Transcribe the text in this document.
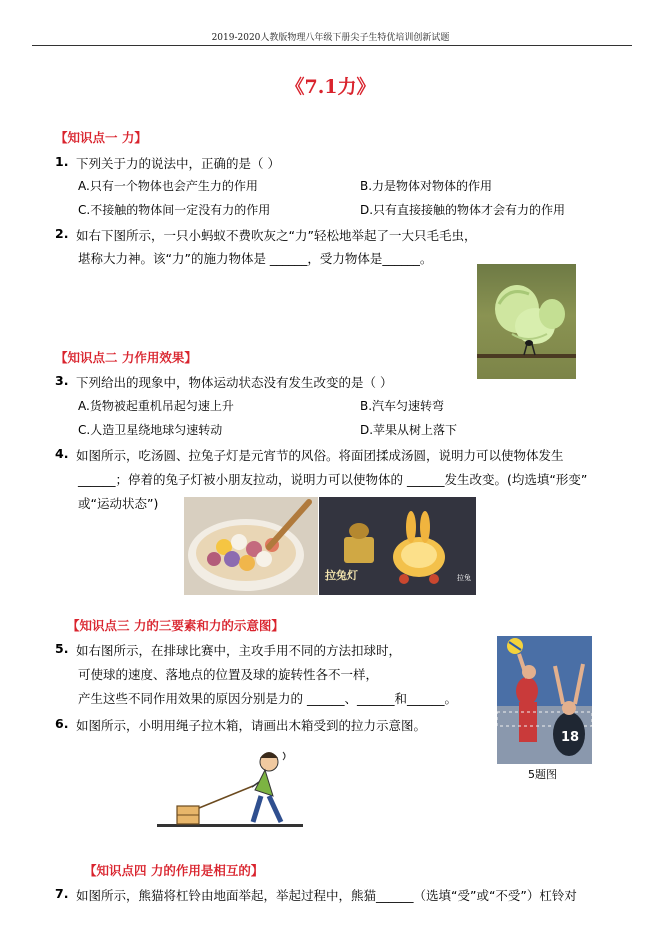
2019-2020人教版物理八年级下册尖子生特优培训创新试题
《7.1力》
【知识点一 力】
1. 下列关于力的说法中，正确的是（ ）
A.只有一个物体也会产生力的作用	B.力是物体对物体的作用
C.不接触的物体间一定没有力的作用	D.只有直接接触的物体才会有力的作用
2. 如右下图所示，一只小蚂蚁不费吹灰之“力”轻松地举起了一大只毛毛虫，
堪称大力神。该“力”的施力物体是 ______，受力物体是______。
【知识点二 力作用效果】
3. 下列给出的现象中，物体运动状态没有发生改变的是（ ）
A.货物被起重机吊起匀速上升	B.汽车匀速转弯
C.人造卫星绕地球匀速转动	D.苹果从树上落下
4. 如图所示，吃汤圆、拉兔子灯是元宵节的风俗。将面团揉成汤圆，说明力可以使物体发生
______；停着的兔子灯被小朋友拉动，说明力可以使物体的 ______发生改变。(均选填“形变”
或“运动状态”)
拉兔灯	拉兔
【知识点三 力的三要素和力的示意图】
5. 如右图所示，在排球比赛中，主攻手用不同的方法扣球时，
可使球的速度、落地点的位置及球的旋转性各不一样，
产生这些不同作用效果的原因分别是力的 ______、______和______。
18
5题图
6. 如图所示，小明用绳子拉木箱，请画出木箱受到的拉力示意图。
【知识点四 力的作用是相互的】
7. 如图所示，熊猫将杠铃由地面举起，举起过程中，熊猫______（选填“受”或“不受”）杠铃对
